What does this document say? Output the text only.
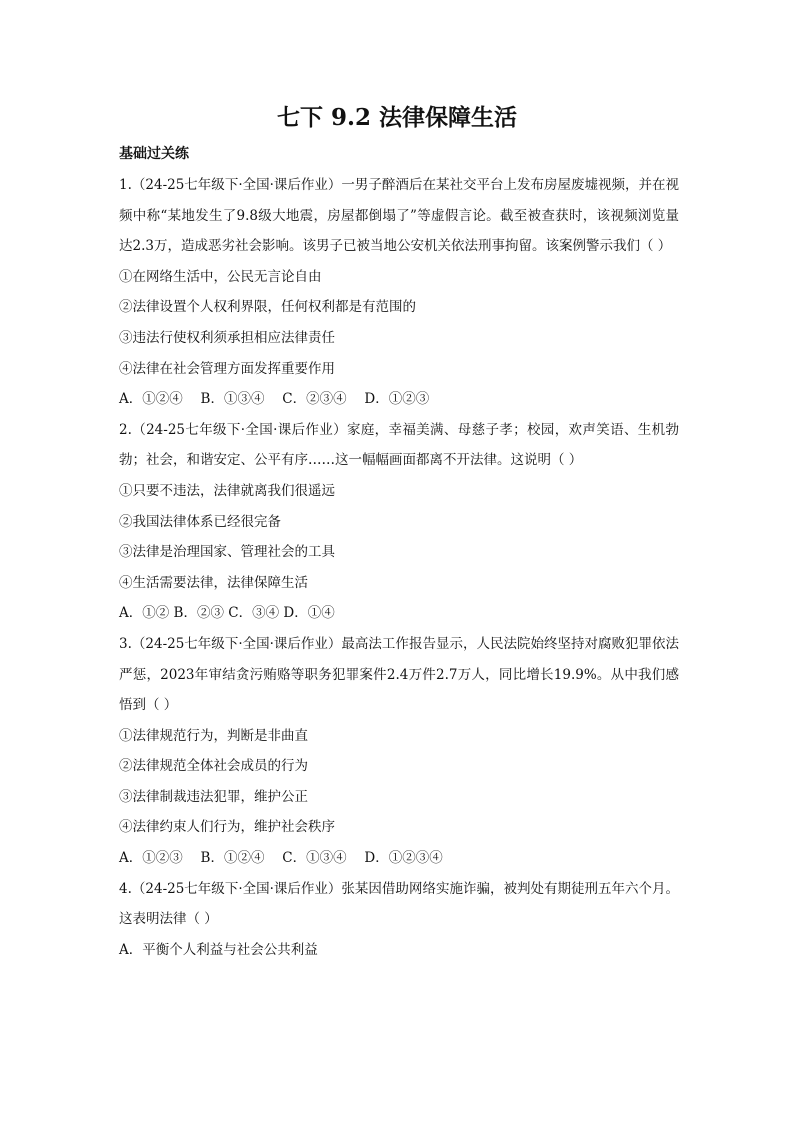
七下 9.2 法律保障生活
基础过关练

1.（24-25七年级下·全国·课后作业）一男子醉酒后在某社交平台上发布房屋废墟视频，并在视频中称“某地发生了9.8级大地震，房屋都倒塌了”等虚假言论。截至被查获时，该视频浏览量达2.3万，造成恶劣社会影响。该男子已被当地公安机关依法刑事拘留。该案例警示我们（ ）

①在网络生活中，公民无言论自由

②法律设置个人权利界限，任何权利都是有范围的

③违法行使权利须承担相应法律责任

④法律在社会管理方面发挥重要作用

A．①②④　 B．①③④　 C．②③④　 D．①②③

2.（24-25七年级下·全国·课后作业）家庭，幸福美满、母慈子孝；校园，欢声笑语、生机勃勃；社会，和谐安定、公平有序……这一幅幅画面都离不开法律。这说明（ ）

①只要不违法，法律就离我们很遥远

②我国法律体系已经很完备

③法律是治理国家、管理社会的工具

④生活需要法律，法律保障生活

A．①② B．②③ C．③④ D．①④

3.（24-25七年级下·全国·课后作业）最高法工作报告显示，人民法院始终坚持对腐败犯罪依法严惩，2023年审结贪污贿赂等职务犯罪案件2.4万件2.7万人，同比增长19.9%。从中我们感悟到（ ）

①法律规范行为，判断是非曲直

②法律规范全体社会成员的行为

③法律制裁违法犯罪，维护公正

④法律约束人们行为，维护社会秩序

A．①②③　 B．①②④　 C．①③④　 D．①②③④

4.（24-25七年级下·全国·课后作业）张某因借助网络实施诈骗，被判处有期徒刑五年六个月。这表明法律（ ）

A．平衡个人利益与社会公共利益
